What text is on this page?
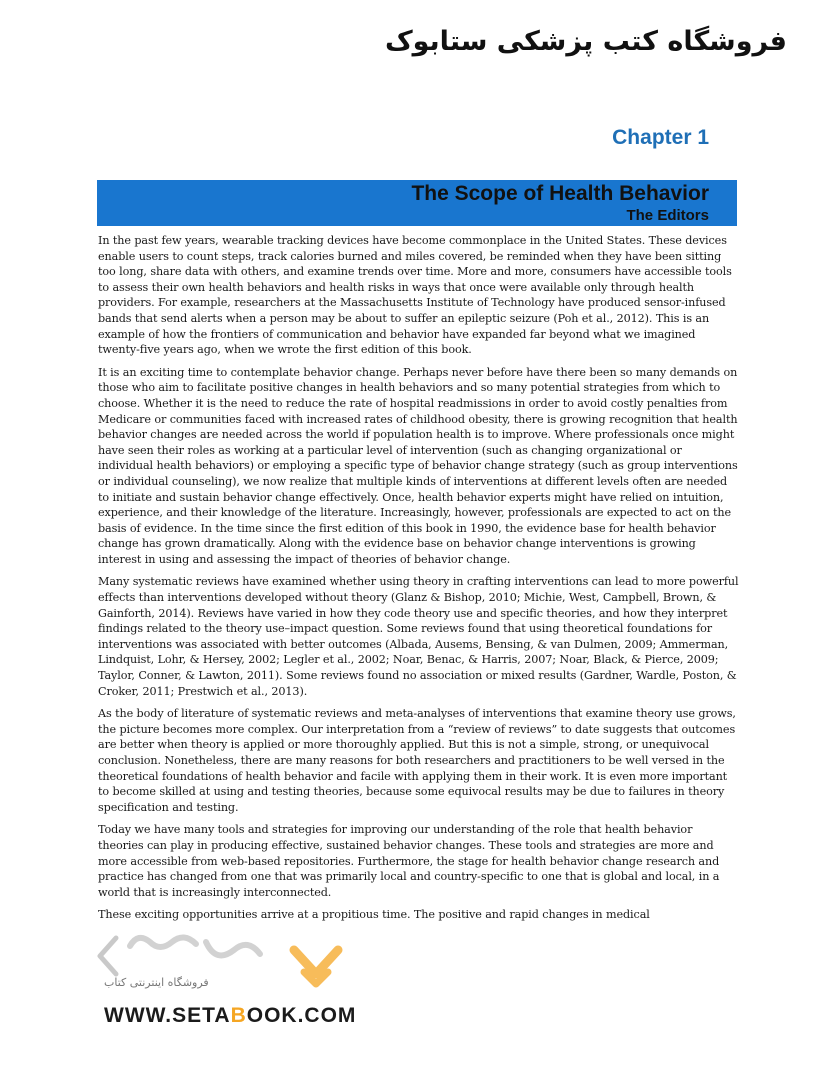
فروشگاه کتب پزشکی ستابوک
Chapter 1
The Scope of Health Behavior
The Editors

In the past few years, wearable tracking devices have become commonplace in the United States. These devices enable users to count steps, track calories burned and miles covered, be reminded when they have been sitting too long, share data with others, and examine trends over time. More and more, consumers have accessible tools to assess their own health behaviors and health risks in ways that once were available only through health providers. For example, researchers at the Massachusetts Institute of Technology have produced sensor-infused bands that send alerts when a person may be about to suffer an epileptic seizure (Poh et al., 2012). This is an example of how the frontiers of communication and behavior have expanded far beyond what we imagined twenty-five years ago, when we wrote the first edition of this book.

It is an exciting time to contemplate behavior change. Perhaps never before have there been so many demands on those who aim to facilitate positive changes in health behaviors and so many potential strategies from which to choose. Whether it is the need to reduce the rate of hospital readmissions in order to avoid costly penalties from Medicare or communities faced with increased rates of childhood obesity, there is growing recognition that health behavior changes are needed across the world if population health is to improve. Where professionals once might have seen their roles as working at a particular level of intervention (such as changing organizational or individual health behaviors) or employing a specific type of behavior change strategy (such as group interventions or individual counseling), we now realize that multiple kinds of interventions at different levels often are needed to initiate and sustain behavior change effectively. Once, health behavior experts might have relied on intuition, experience, and their knowledge of the literature. Increasingly, however, professionals are expected to act on the basis of evidence. In the time since the first edition of this book in 1990, the evidence base for health behavior change has grown dramatically. Along with the evidence base on behavior change interventions is growing interest in using and assessing the impact of theories of behavior change.

Many systematic reviews have examined whether using theory in crafting interventions can lead to more powerful effects than interventions developed without theory (Glanz & Bishop, 2010; Michie, West, Campbell, Brown, & Gainforth, 2014). Reviews have varied in how they code theory use and specific theories, and how they interpret findings related to the theory use–impact question. Some reviews found that using theoretical foundations for interventions was associated with better outcomes (Albada, Ausems, Bensing, & van Dulmen, 2009; Ammerman, Lindquist, Lohr, & Hersey, 2002; Legler et al., 2002; Noar, Benac, & Harris, 2007; Noar, Black, & Pierce, 2009; Taylor, Conner, & Lawton, 2011). Some reviews found no association or mixed results (Gardner, Wardle, Poston, & Croker, 2011; Prestwich et al., 2013).

As the body of literature of systematic reviews and meta-analyses of interventions that examine theory use grows, the picture becomes more complex. Our interpretation from a “review of reviews” to date suggests that outcomes are better when theory is applied or more thoroughly applied. But this is not a simple, strong, or unequivocal conclusion. Nonetheless, there are many reasons for both researchers and practitioners to be well versed in the theoretical foundations of health behavior and facile with applying them in their work. It is even more important to become skilled at using and testing theories, because some equivocal results may be due to failures in theory specification and testing.

Today we have many tools and strategies for improving our understanding of the role that health behavior theories can play in producing effective, sustained behavior changes. These tools and strategies are more and more accessible from web-based repositories. Furthermore, the stage for health behavior change research and practice has changed from one that was primarily local and country-specific to one that is global and local, in a world that is increasingly interconnected.

These exciting opportunities arrive at a propitious time. The positive and rapid changes in medical

فروشگاه اینترنتی کتاب
WWW.SETABOOK.COM
